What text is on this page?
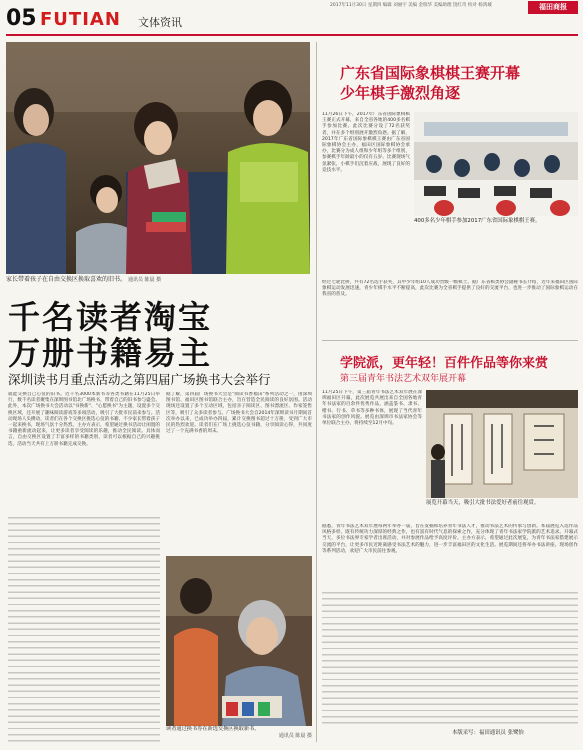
05 FUTIAN 文体资讯
2017年11月30日 星期四 编辑 刘丽宇 美编 金瑞华 美编助理 饶红奇 校对 杨鸿城	福田商报
家长带着孩子在自由交换区换取喜欢的旧书。 通讯员 陈晨 摄
千名读者淘宝
万册书籍易主
深圳读书月重点活动之第四届广场换书大会举行
就能交换自己心仪的旧书。近千名3000本新书等各类书籍在11月25日举行，数千名读者聚集在深圳图书馆北广场换书，带着自己的旧书参与盛会。此外，本次广场换书大会活动以"书换新"、"心愿换书"为主题，设置多个交换区域，还开展了趣味阅读游戏等多项活动，吸引了大批市民前来参与。活动现场人头攒动，读者们在各个交换区挑选心仪的书籍，不少家长带着孩子一起来换书，现场气氛十分热烈。主办方表示，希望通过换书活动让闲置的书籍重新流动起来，让更多读者享受阅读的乐趣，推动全民阅读。具体而言，自由交换区设置了丰富多样的书籍类别，读者可以根据自己的兴趣挑选，活动当天共有上万册书籍完成交换。
据了解，第四届广场换书大会是"阅读书香福田"系列活动之一，由深圳图书馆、福田区图书馆联合主办，旨在营造全民阅读的良好氛围。活动现场还设置了多个互动区域，包括亲子阅读区、图书漂流区、作家签售区等，吸引了众多读者参与。广场换书大会自2014年深圳读书月期间首次举办以来，已成功举办四届，累计交换图书超过十万册，受到广大市民的热烈欢迎。读者们在广场上挑选心仪书籍，分享阅读心得，共同度过了一个充满书香的周末。
读者通过换书券在新选交换区换取新书。

通讯员 陈晨 摄
广东省国际象棋棋王赛开幕
少年棋手激烈角逐
11月26日下午，2017年广东省国际象棋棋王赛正式开幕，来自全省各地的400多名棋手参加比赛。此次比赛分设了72名获奖者，并在多个组别展开激烈角逐。据了解，2017年广东省国际象棋棋王赛由广东省国际象棋协会主办，福田区国际象棋协会承办，比赛分为成人组和少年组等多个组别，参赛棋手年龄最小的仅有五岁。比赛现场气氛紧张，小棋手们沉着应战，展现了良好的竞技水平。
400多名少年棋手参加2017广东省国际象棋棋王赛。
经过七轮比拼，共有72名选手获奖，其中少年组10人成功晋级一级棋士。据广东省棋类协会副秘书长介绍，近年来福田区国际象棋运动发展迅速，青少年棋手水平不断提高，此次比赛为全省棋手提供了良好的交流平台，也进一步推动了国际象棋运动在我省的普及。
学院派，更年轻！百件作品等你来赏
第三届青年书法艺术双年展开幕
11月25日下午，第三届青年书法艺术双年展在深圳福田区开幕，此次展览共展出来自全国各地青年书法家的百余件优秀作品，涵盖篆书、隶书、楷书、行书、草书等多种书体，展现了当代青年书法家的创作风貌。展览由深圳市书法家协会等单位联合主办，将持续至12月中旬。
展览开幕当天，吸引大批书法爱好者前往观赏。
据悉，青年书法艺术双年展每两年举办一届，旨在发掘和培养青年书法人才，推动书法艺术的传承与创新。本届展览入选作品风格多样，既有传统功力深厚的经典之作，也有富有时代气息的探索之作，充分体现了青年书法家学院派的艺术追求。开幕式当天，多位书法界专家学者出席活动，并对参展作品给予高度评价。主办方表示，希望通过此次展览，为青年书法家搭建展示交流的平台，让更多市民近距离感受书法艺术的魅力，进一步丰富福田区的文化生活。展览期间还将举办书法讲座、现场创作等系列活动，欢迎广大市民前往参观。
本版采写：福田通讯员 张鹭怡
